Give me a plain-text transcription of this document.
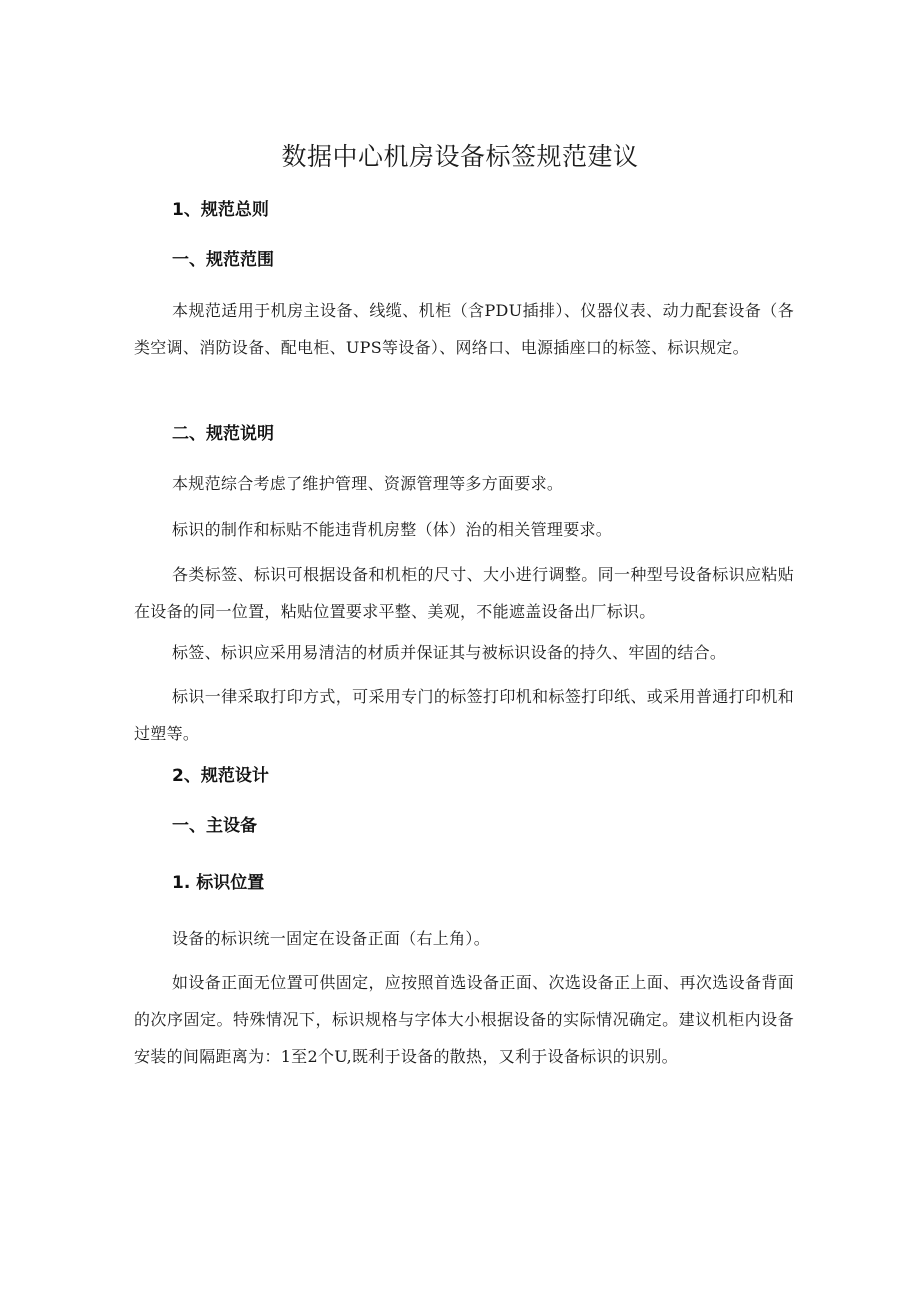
数据中心机房设备标签规范建议
1、规范总则
一、规范范围

本规范适用于机房主设备、线缆、机柜（含PDU插排）、仪器仪表、动力配套设备（各类空调、消防设备、配电柜、UPS等设备）、网络口、电源插座口的标签、标识规定。

二、规范说明

本规范综合考虑了维护管理、资源管理等多方面要求。

标识的制作和标贴不能违背机房整（体）治的相关管理要求。

各类标签、标识可根据设备和机柜的尺寸、大小进行调整。同一种型号设备标识应粘贴在设备的同一位置，粘贴位置要求平整、美观，不能遮盖设备出厂标识。

标签、标识应采用易清洁的材质并保证其与被标识设备的持久、牢固的结合。

标识一律采取打印方式，可采用专门的标签打印机和标签打印纸、或采用普通打印机和过塑等。

2、规范设计
一、主设备
1. 标识位置

设备的标识统一固定在设备正面（右上角）。

如设备正面无位置可供固定，应按照首选设备正面、次选设备正上面、再次选设备背面的次序固定。特殊情况下，标识规格与字体大小根据设备的实际情况确定。建议机柜内设备安装的间隔距离为：1至2个U,既利于设备的散热，又利于设备标识的识别。
